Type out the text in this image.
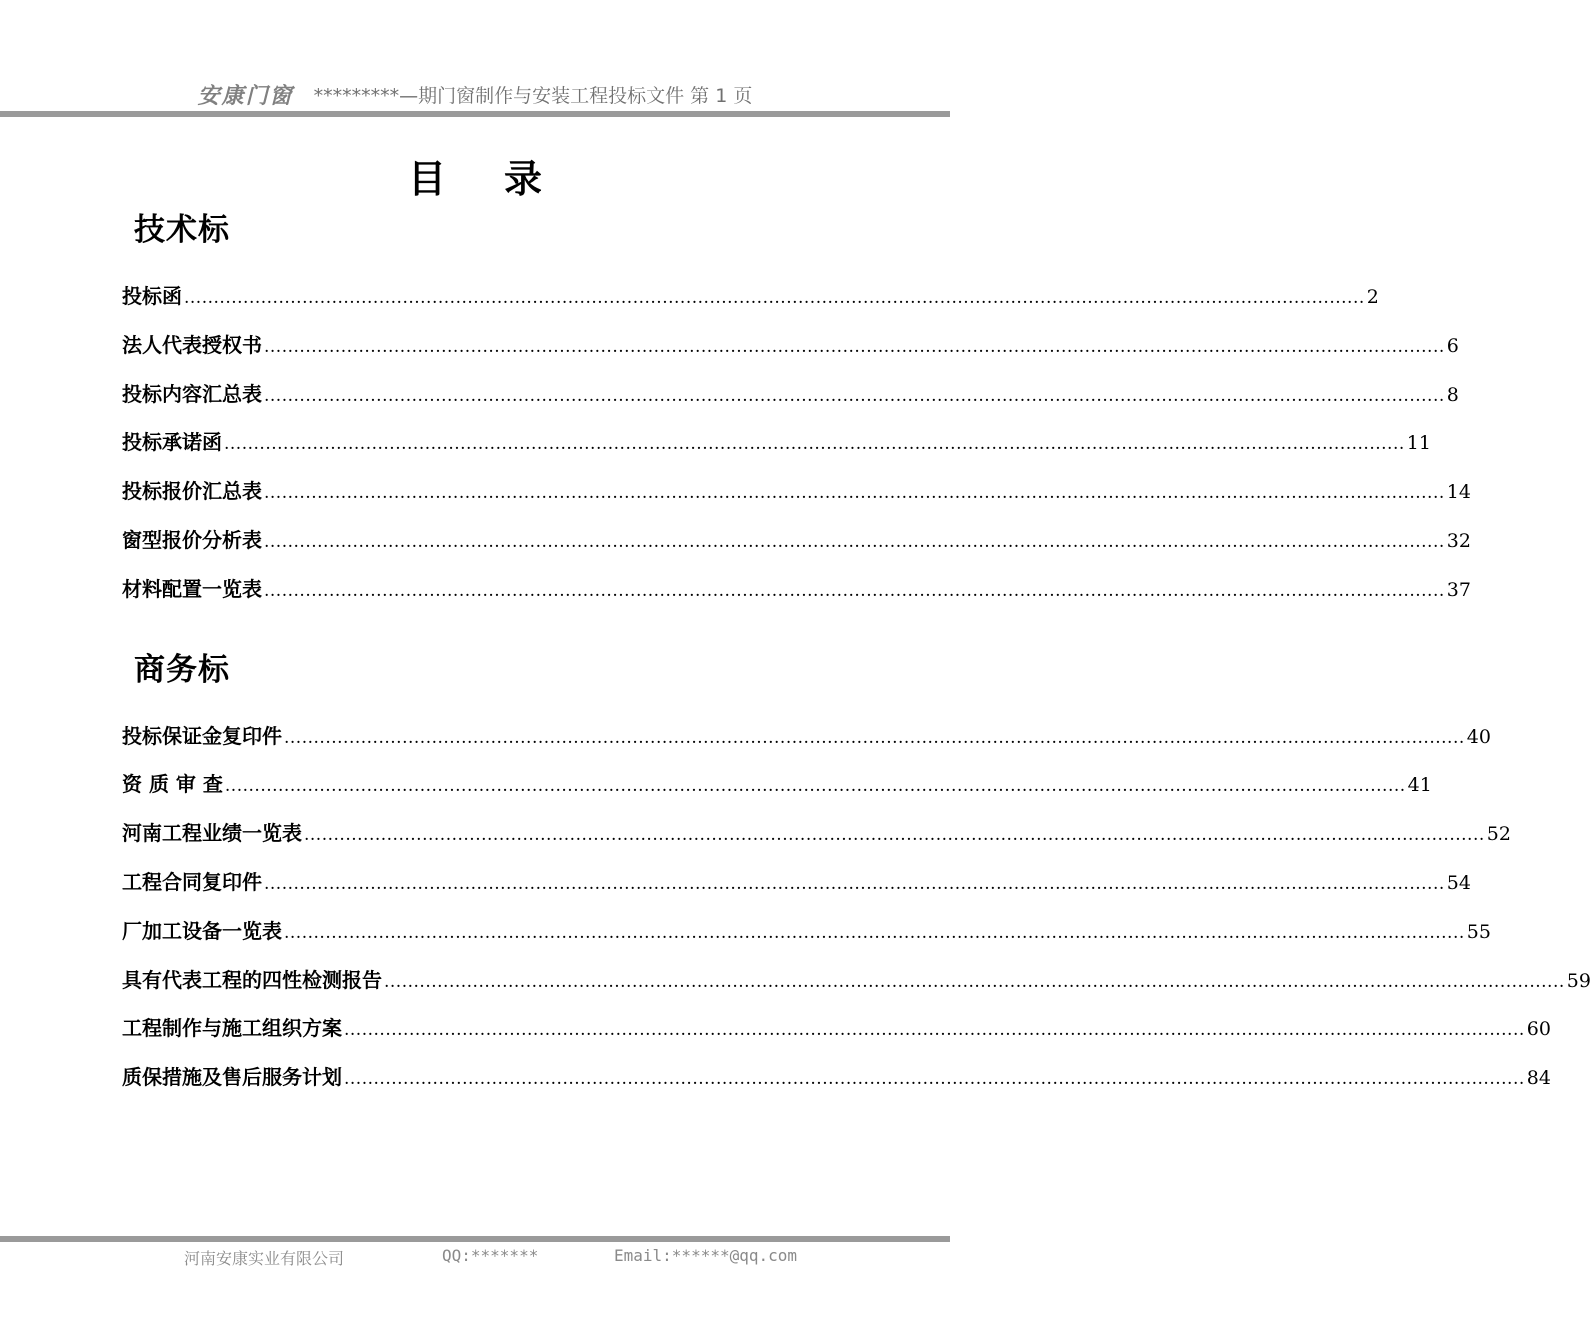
安康门窗 *********—期门窗制作与安装工程投标文件 第 1 页
目录
技术标
投标函 ........................................................................................................................................................................................................ 2
法人代表授权书 ........................................................................................................................................................................................................ 6
投标内容汇总表 ........................................................................................................................................................................................................ 8
投标承诺函 ........................................................................................................................................................................................................ 11
投标报价汇总表 ........................................................................................................................................................................................................ 14
窗型报价分析表 ........................................................................................................................................................................................................ 32
材料配置一览表 ........................................................................................................................................................................................................ 37
商务标
投标保证金复印件 ........................................................................................................................................................................................................ 40
资 质 审 查 ........................................................................................................................................................................................................ 41
河南工程业绩一览表 ........................................................................................................................................................................................................ 52
工程合同复印件 ........................................................................................................................................................................................................ 54
厂加工设备一览表 ........................................................................................................................................................................................................ 55
具有代表工程的四性检测报告 ........................................................................................................................................................................................................ 59
工程制作与施工组织方案 ........................................................................................................................................................................................................ 60
质保措施及售后服务计划 ........................................................................................................................................................................................................ 84
河南安康实业有限公司	QQ:*******	Email:******@qq.com
